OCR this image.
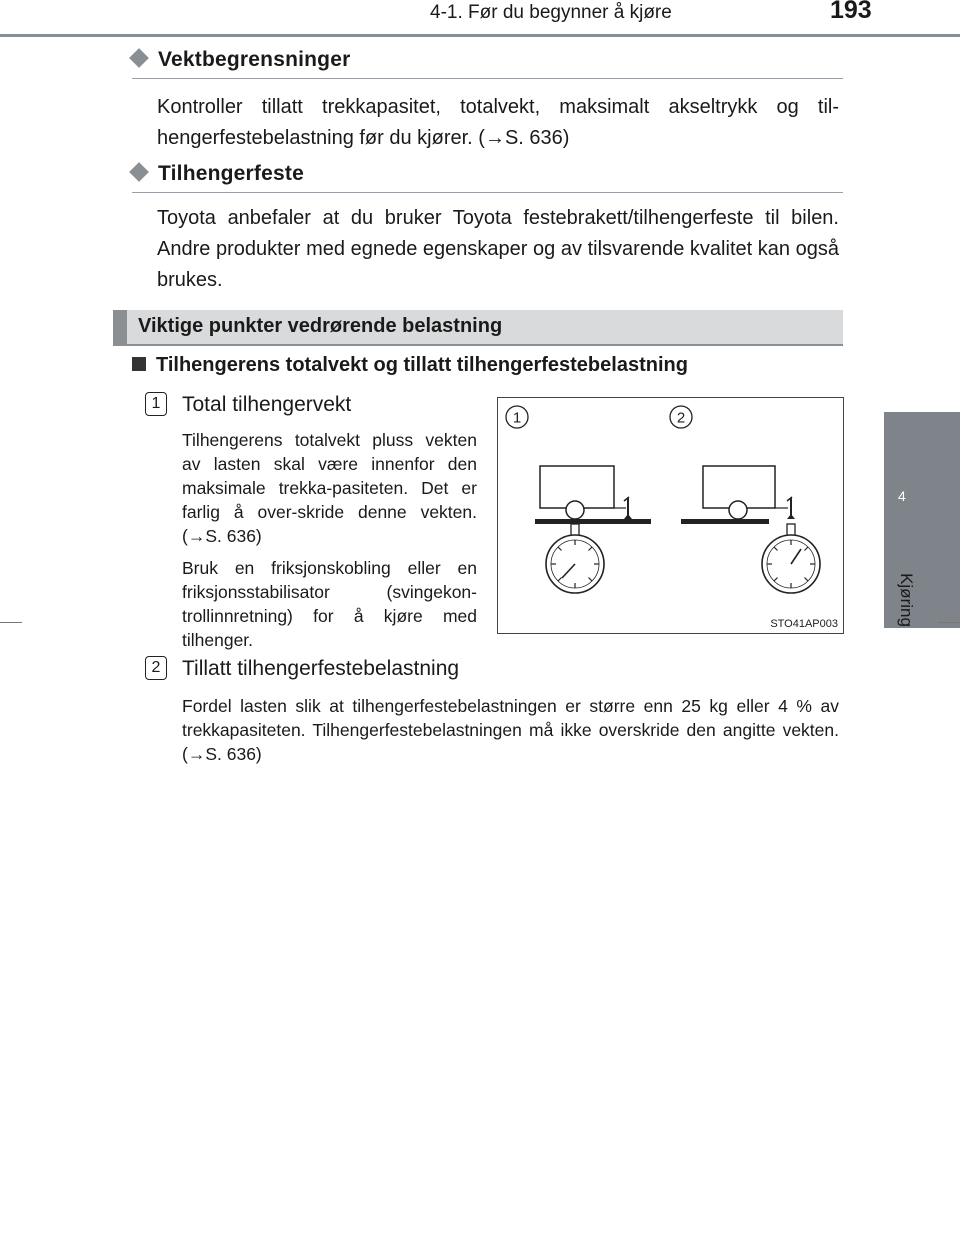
4-1. Før du begynner å kjøre	193
4
Kjøring
Vektbegrensninger
Kontroller tillatt trekkapasitet, totalvekt, maksimalt akseltrykk og til-hengerfestebelastning før du kjører. (→S. 636)
Tilhengerfeste
Toyota anbefaler at du bruker Toyota festebrakett/tilhengerfeste til bilen. Andre produkter med egnede egenskaper og av tilsvarende kvalitet kan også brukes.
Viktige punkter vedrørende belastning
Tilhengerens totalvekt og tillatt tilhengerfestebelastning
1	Total tilhengervekt
Tilhengerens totalvekt pluss vekten av lasten skal være innenfor den maksimale trekka-pasiteten. Det er farlig å over-skride denne vekten. (→S. 636)
Bruk en friksjonskobling eller en friksjonsstabilisator (svingekon-trollinnretning) for å kjøre med tilhenger.
2	Tillatt tilhengerfestebelastning
Fordel lasten slik at tilhengerfestebelastningen er større enn 25 kg eller 4 % av trekkapasiteten. Tilhengerfestebelastningen må ikke overskride den angitte vekten. (→S. 636)
1	2
STO41AP003
